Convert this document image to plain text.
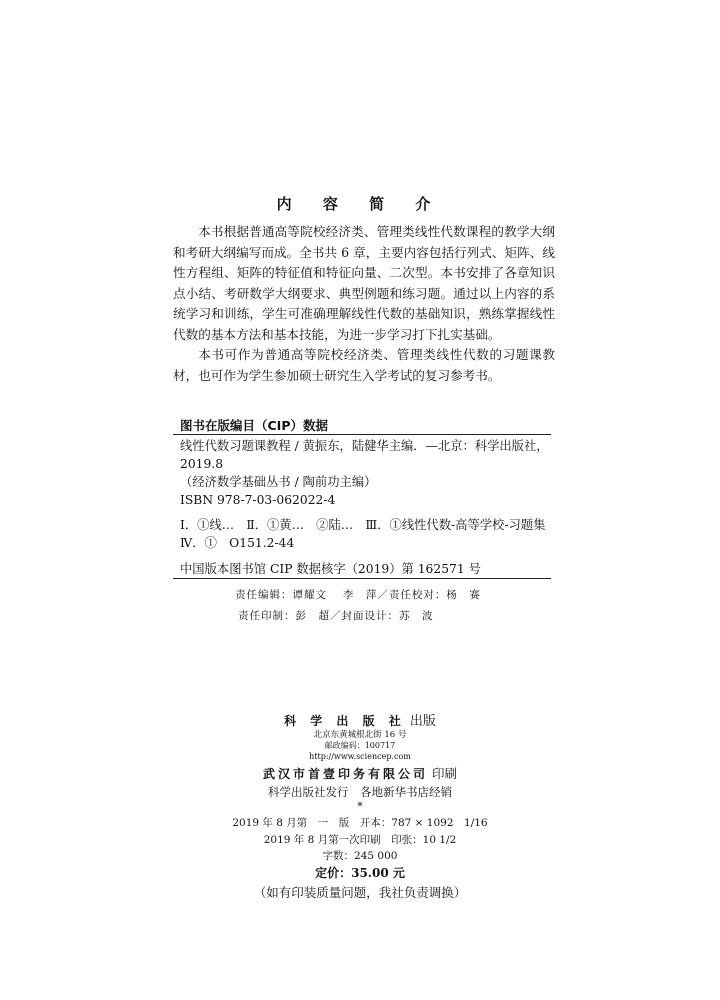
内 容 简 介

本书根据普通高等院校经济类、管理类线性代数课程的教学大纲和考研大纲编写而成。全书共 6 章，主要内容包括行列式、矩阵、线性方程组、矩阵的特征值和特征向量、二次型。本书安排了各章知识点小结、考研数学大纲要求、典型例题和练习题。通过以上内容的系统学习和训练，学生可准确理解线性代数的基础知识，熟练掌握线性代数的基本方法和基本技能，为进一步学习打下扎实基础。

本书可作为普通高等院校经济类、管理类线性代数的习题课教材，也可作为学生参加硕士研究生入学考试的复习参考书。

图书在版编目（CIP）数据
线性代数习题课教程 / 黄振东，陆健华主编．—北京：科学出版社，
2019.8
（经济数学基础丛书 / 陶前功主编）
ISBN 978-7-03-062022-4
Ⅰ．①线…　Ⅱ．①黄…　②陆…　Ⅲ．①线性代数-高等学校-习题集
Ⅳ．①　O151.2-44
中国版本图书馆 CIP 数据核字（2019）第 162571 号
责任编辑：谭耀文　 李　萍／责任校对：杨　赛
责任印制：彭　超／封面设计：苏　波
科 学 出 版 社 出版
北京东黄城根北街 16 号
邮政编码：100717
http://www.sciencep.com
武汉市首壹印务有限公司 印刷
科学出版社发行　各地新华书店经销
*
2019 年 8 月第　一　版　开本：787 × 1092　1/16
2019 年 8 月第一次印刷　印张：10 1/2
字数：245 000
定价：35.00 元
（如有印装质量问题，我社负责调换）
